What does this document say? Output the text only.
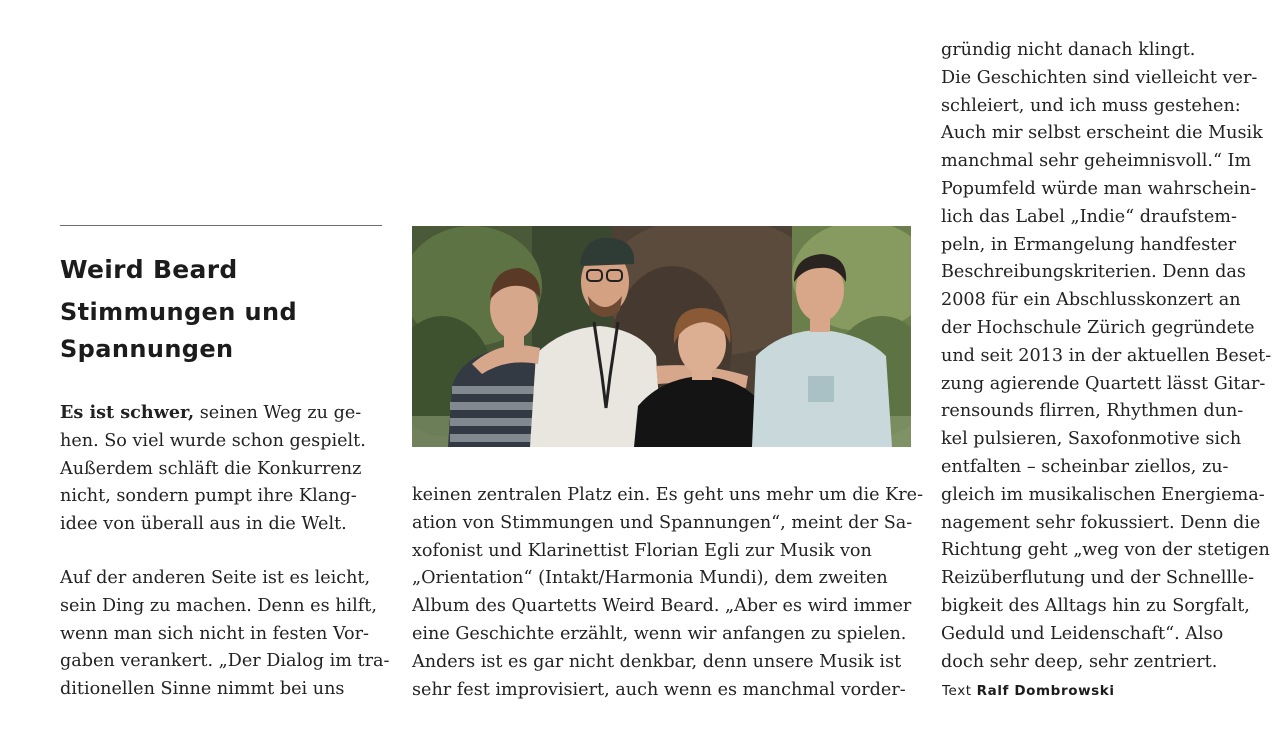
Weird Beard
Stimmungen und Spannungen
Es ist schwer, seinen Weg zu ge-
hen. So viel wurde schon gespielt.
Außerdem schläft die Konkurrenz
nicht, sondern pumpt ihre Klang-
idee von überall aus in die Welt.
Auf der anderen Seite ist es leicht,
sein Ding zu machen. Denn es hilft,
wenn man sich nicht in festen Vor-
gaben verankert. „Der Dialog im tra-
ditionellen Sinne nimmt bei uns
keinen zentralen Platz ein. Es geht uns mehr um die Kre-
ation von Stimmungen und Spannungen“, meint der Sa-
xofonist und Klarinettist Florian Egli zur Musik von
„Orientation“ (Intakt/Harmonia Mundi), dem zweiten
Album des Quartetts Weird Beard. „Aber es wird immer
eine Geschichte erzählt, wenn wir anfangen zu spielen.
Anders ist es gar nicht denkbar, denn unsere Musik ist
sehr fest improvisiert, auch wenn es manchmal vorder-
gründig nicht danach klingt.
Die Geschichten sind vielleicht ver-
schleiert, und ich muss gestehen:
Auch mir selbst erscheint die Musik
manchmal sehr geheimnisvoll.“ Im
Popumfeld würde man wahrschein-
lich das Label „Indie“ draufstem-
peln, in Ermangelung handfester
Beschreibungskriterien. Denn das
2008 für ein Abschlusskonzert an
der Hochschule Zürich gegründete
und seit 2013 in der aktuellen Beset-
zung agierende Quartett lässt Gitar-
rensounds flirren, Rhythmen dun-
kel pulsieren, Saxofonmotive sich
entfalten – scheinbar ziellos, zu-
gleich im musikalischen Energiema-
nagement sehr fokussiert. Denn die
Richtung geht „weg von der stetigen
Reizüberflutung und der Schnellle-
bigkeit des Alltags hin zu Sorgfalt,
Geduld und Leidenschaft“. Also
doch sehr deep, sehr zentriert.
Text Ralf Dombrowski
